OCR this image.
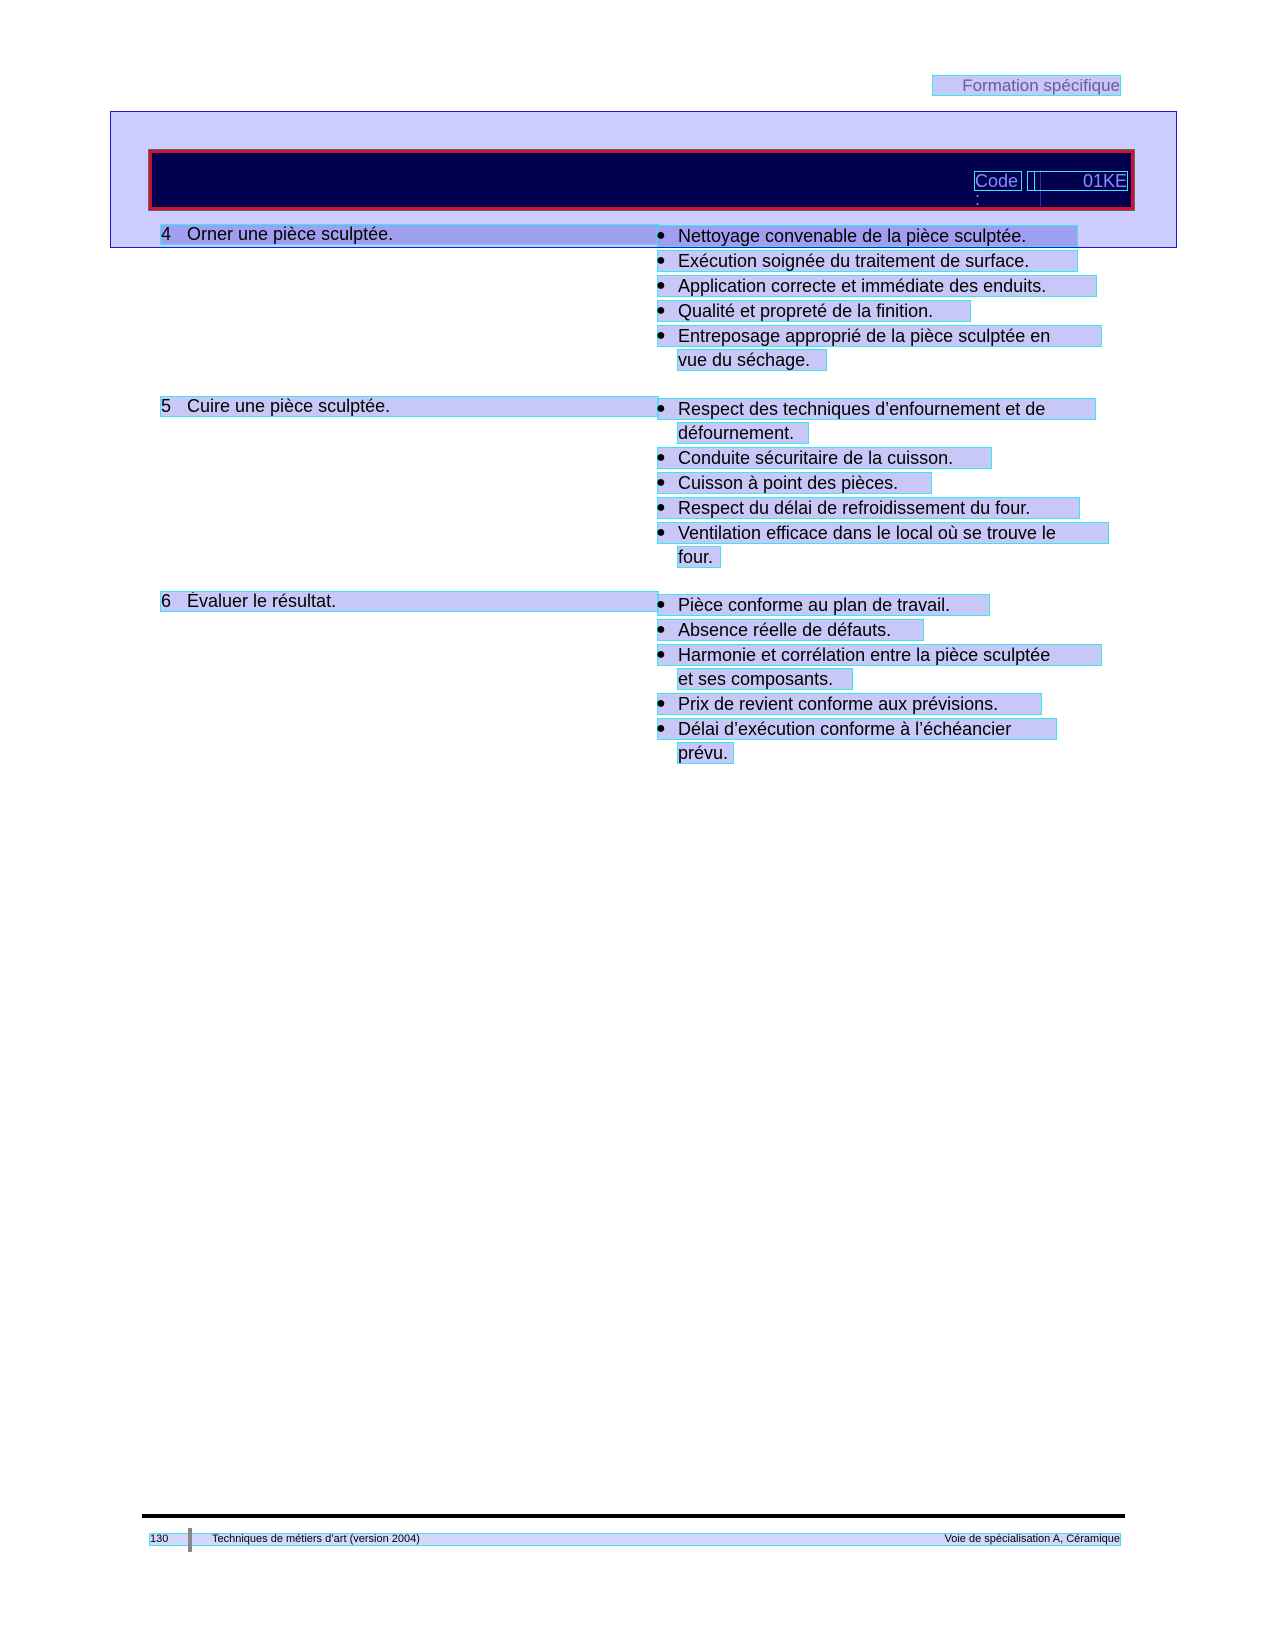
Formation spécifique
Code :
01KE
4 Orner une pièce sculptée.	● Nettoyage convenable de la pièce sculptée.
● Exécution soignée du traitement de surface.
● Application correcte et immédiate des enduits.
● Qualité et propreté de la finition.
● Entreposage approprié de la pièce sculptée en
vue du séchage.
5 Cuire une pièce sculptée.	● Respect des techniques d’enfournement et de
défournement.
● Conduite sécuritaire de la cuisson.
● Cuisson à point des pièces.
● Respect du délai de refroidissement du four.
● Ventilation efficace dans le local où se trouve le
four.
6 Évaluer le résultat.	● Pièce conforme au plan de travail.
● Absence réelle de défauts.
● Harmonie et corrélation entre la pièce sculptée
et ses composants.
● Prix de revient conforme aux prévisions.
● Délai d’exécution conforme à l’échéancier
prévu.
130	Techniques de métiers d’art (version 2004)	Voie de spécialisation A, Céramique
